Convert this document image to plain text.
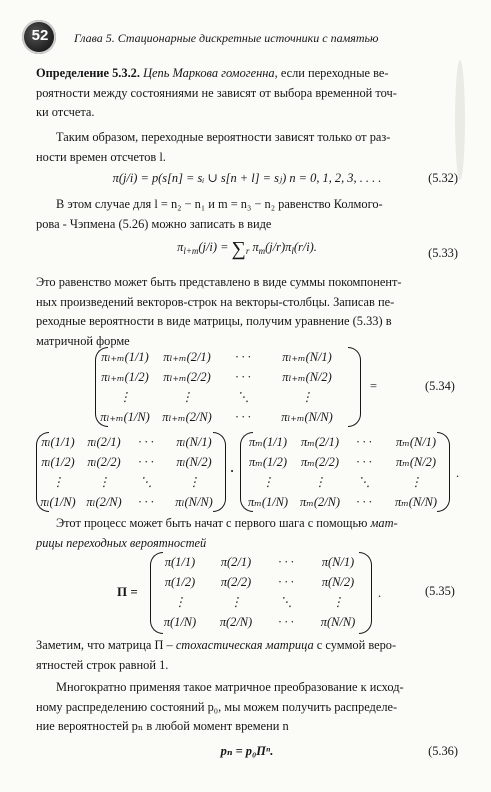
52	Глава 5. Стационарные дискретные источники с памятью
Определение 5.3.2. Цепь Маркова гомогенна, если переходные ве-
роятности между состояниями не зависят от выбора временной точ-
ки отсчета.
Таким образом, переходные вероятности зависят только от раз-
ности времен отсчетов l.
π(j/i) = p(s[n] = sᵢ ∪ s[n + l] = sⱼ) n = 0, 1, 2, 3, . . . .	(5.32)
В этом случае для l = n₂ − n₁ и m = n₃ − n₂ равенство Колмого-
рова - Чэпмена (5.26) можно записать в виде
$\pi_{l+m}(j/i) = \sum_r$ $\pi_m(j/r)\pi_l(r/i)$.	(5.33)
Это равенство может быть представлено в виде суммы покомпонент-
ных произведений векторов-строк на векторы-столбцы. Записав пе-
реходные вероятности в виде матрицы, получим уравнение (5.33) в
матричной форме
πₗ₊ₘ(1/1)	πₗ₊ₘ(2/1)	· · ·	πₗ₊ₘ(N/1)
πₗ₊ₘ(1/2)	πₗ₊ₘ(2/2)	· · ·	πₗ₊ₘ(N/2)
⋮	⋮	⋱	⋮
πₗ₊ₘ(1/N)	πₗ₊ₘ(2/N)	· · ·	πₗ₊ₘ(N/N)
=	(5.34)
πₗ(1/1)	πₗ(2/1)	· · ·	πₗ(N/1)
πₗ(1/2)	πₗ(2/2)	· · ·	πₗ(N/2)
⋮	⋮	⋱	⋮
πₗ(1/N) πₗ(2/N)	· · ·	πₗ(N/N)
·
πₘ(1/1)	πₘ(2/1)	· · ·	πₘ(N/1)
πₘ(1/2)	πₘ(2/2)	· · ·	πₘ(N/2)
⋮	⋮	⋱	⋮
πₘ(1/N) πₘ(2/N)	· · ·	πₘ(N/N)
.
Этот процесс может быть начат с первого шага с помощью мат-
рицы переходных вероятностей
Π =
π(1/1)	π(2/1)	· · ·	π(N/1)
π(1/2)	π(2/2)	· · ·	π(N/2)
⋮	⋮	⋱	⋮
π(1/N)	π(2/N)	· · ·	π(N/N)
.	(5.35)
Заметим, что матрица Π – стохастическая матрица с суммой веро-
ятностей строк равной 1.
Многократно применяя такое матричное преобразование к исход-
ному распределению состояний p₀, мы можем получить распределе-
ние вероятностей pₙ в любой момент времени n
pₙ = p₀Πⁿ.	(5.36)
